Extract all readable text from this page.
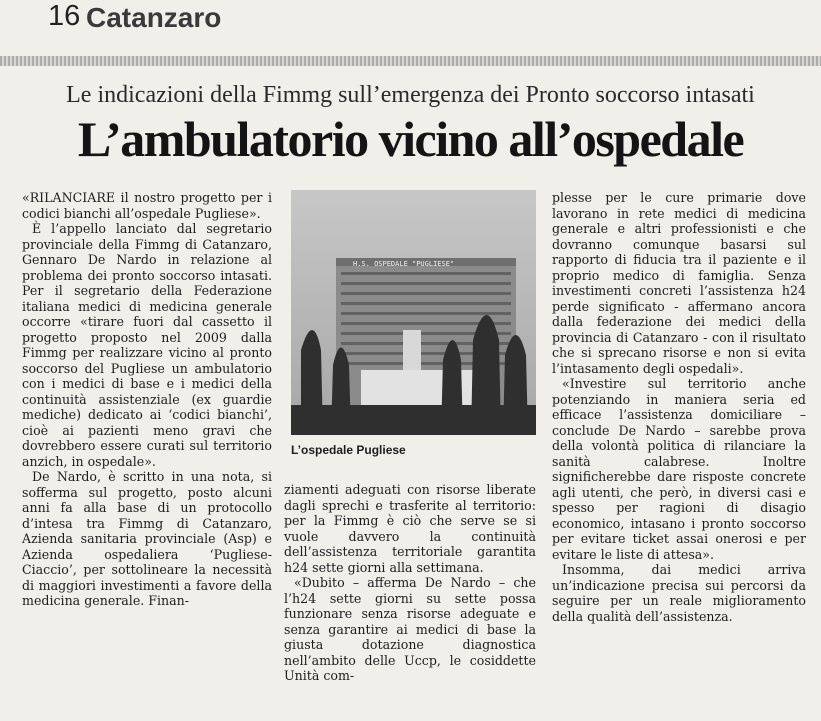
16 Catanzaro
Le indicazioni della Fimmg sull’emergenza dei Pronto soccorso intasati
L’ambulatorio vicino all’ospedale

«RILANCIARE il nostro progetto per i codici bianchi all’ospedale Pugliese».

È l’appello lanciato dal segretario provinciale della Fimmg di Catanzaro, Gennaro De Nardo in relazione al problema dei pronto soccorso intasati. Per il segretario della Federazione italiana medici di medicina generale occorre «tirare fuori dal cassetto il progetto proposto nel 2009 dalla Fimmg per realizzare vicino al pronto soccorso del Pugliese un ambulatorio con i medici di base e i medici della continuità assistenziale (ex guardie mediche) dedicato ai ‘codici bianchi’, cioè ai pazienti meno gravi che dovrebbero essere curati sul territorio anzich, in ospedale».

De Nardo, è scritto in una nota, si sofferma sul progetto, posto alcuni anni fa alla base di un protocollo d’intesa tra Fimmg di Catanzaro, Azienda sanitaria provinciale (Asp) e Azienda ospedaliera ‘Pugliese-Ciaccio’, per sottolineare la necessità di maggiori investimenti a favore della medicina generale. Finan-

H.S. OSPEDALE "PUGLIESE"
L’ospedale Pugliese

ziamenti adeguati con risorse liberate dagli sprechi e trasferite al territorio: per la Fimmg è ciò che serve se si vuole davvero la continuità dell’assistenza territoriale garantita h24 sette giorni alla settimana.

«Dubito – afferma De Nardo – che l’h24 sette giorni su sette possa funzionare senza risorse adeguate e senza garantire ai medici di base la giusta dotazione diagnostica nell’ambito delle Uccp, le cosiddette Unità com-

plesse per le cure primarie dove lavorano in rete medici di medicina generale e altri professionisti e che dovranno comunque basarsi sul rapporto di fiducia tra il paziente e il proprio medico di famiglia. Senza investimenti concreti l’assistenza h24 perde significato - affermano ancora dalla federazione dei medici della provincia di Catanzaro - con il risultato che si sprecano risorse e non si evita l’intasamento degli ospedali».

«Investire sul territorio anche potenziando in maniera seria ed efficace l’assistenza domiciliare – conclude De Nardo – sarebbe prova della volontà politica di rilanciare la sanità calabrese. Inoltre significherebbe dare risposte concrete agli utenti, che però, in diversi casi e spesso per ragioni di disagio economico, intasano i pronto soccorso per evitare ticket assai onerosi e per evitare le liste di attesa».

Insomma, dai medici arriva un’indicazione precisa sui percorsi da seguire per un reale miglioramento della qualità dell’assistenza.
